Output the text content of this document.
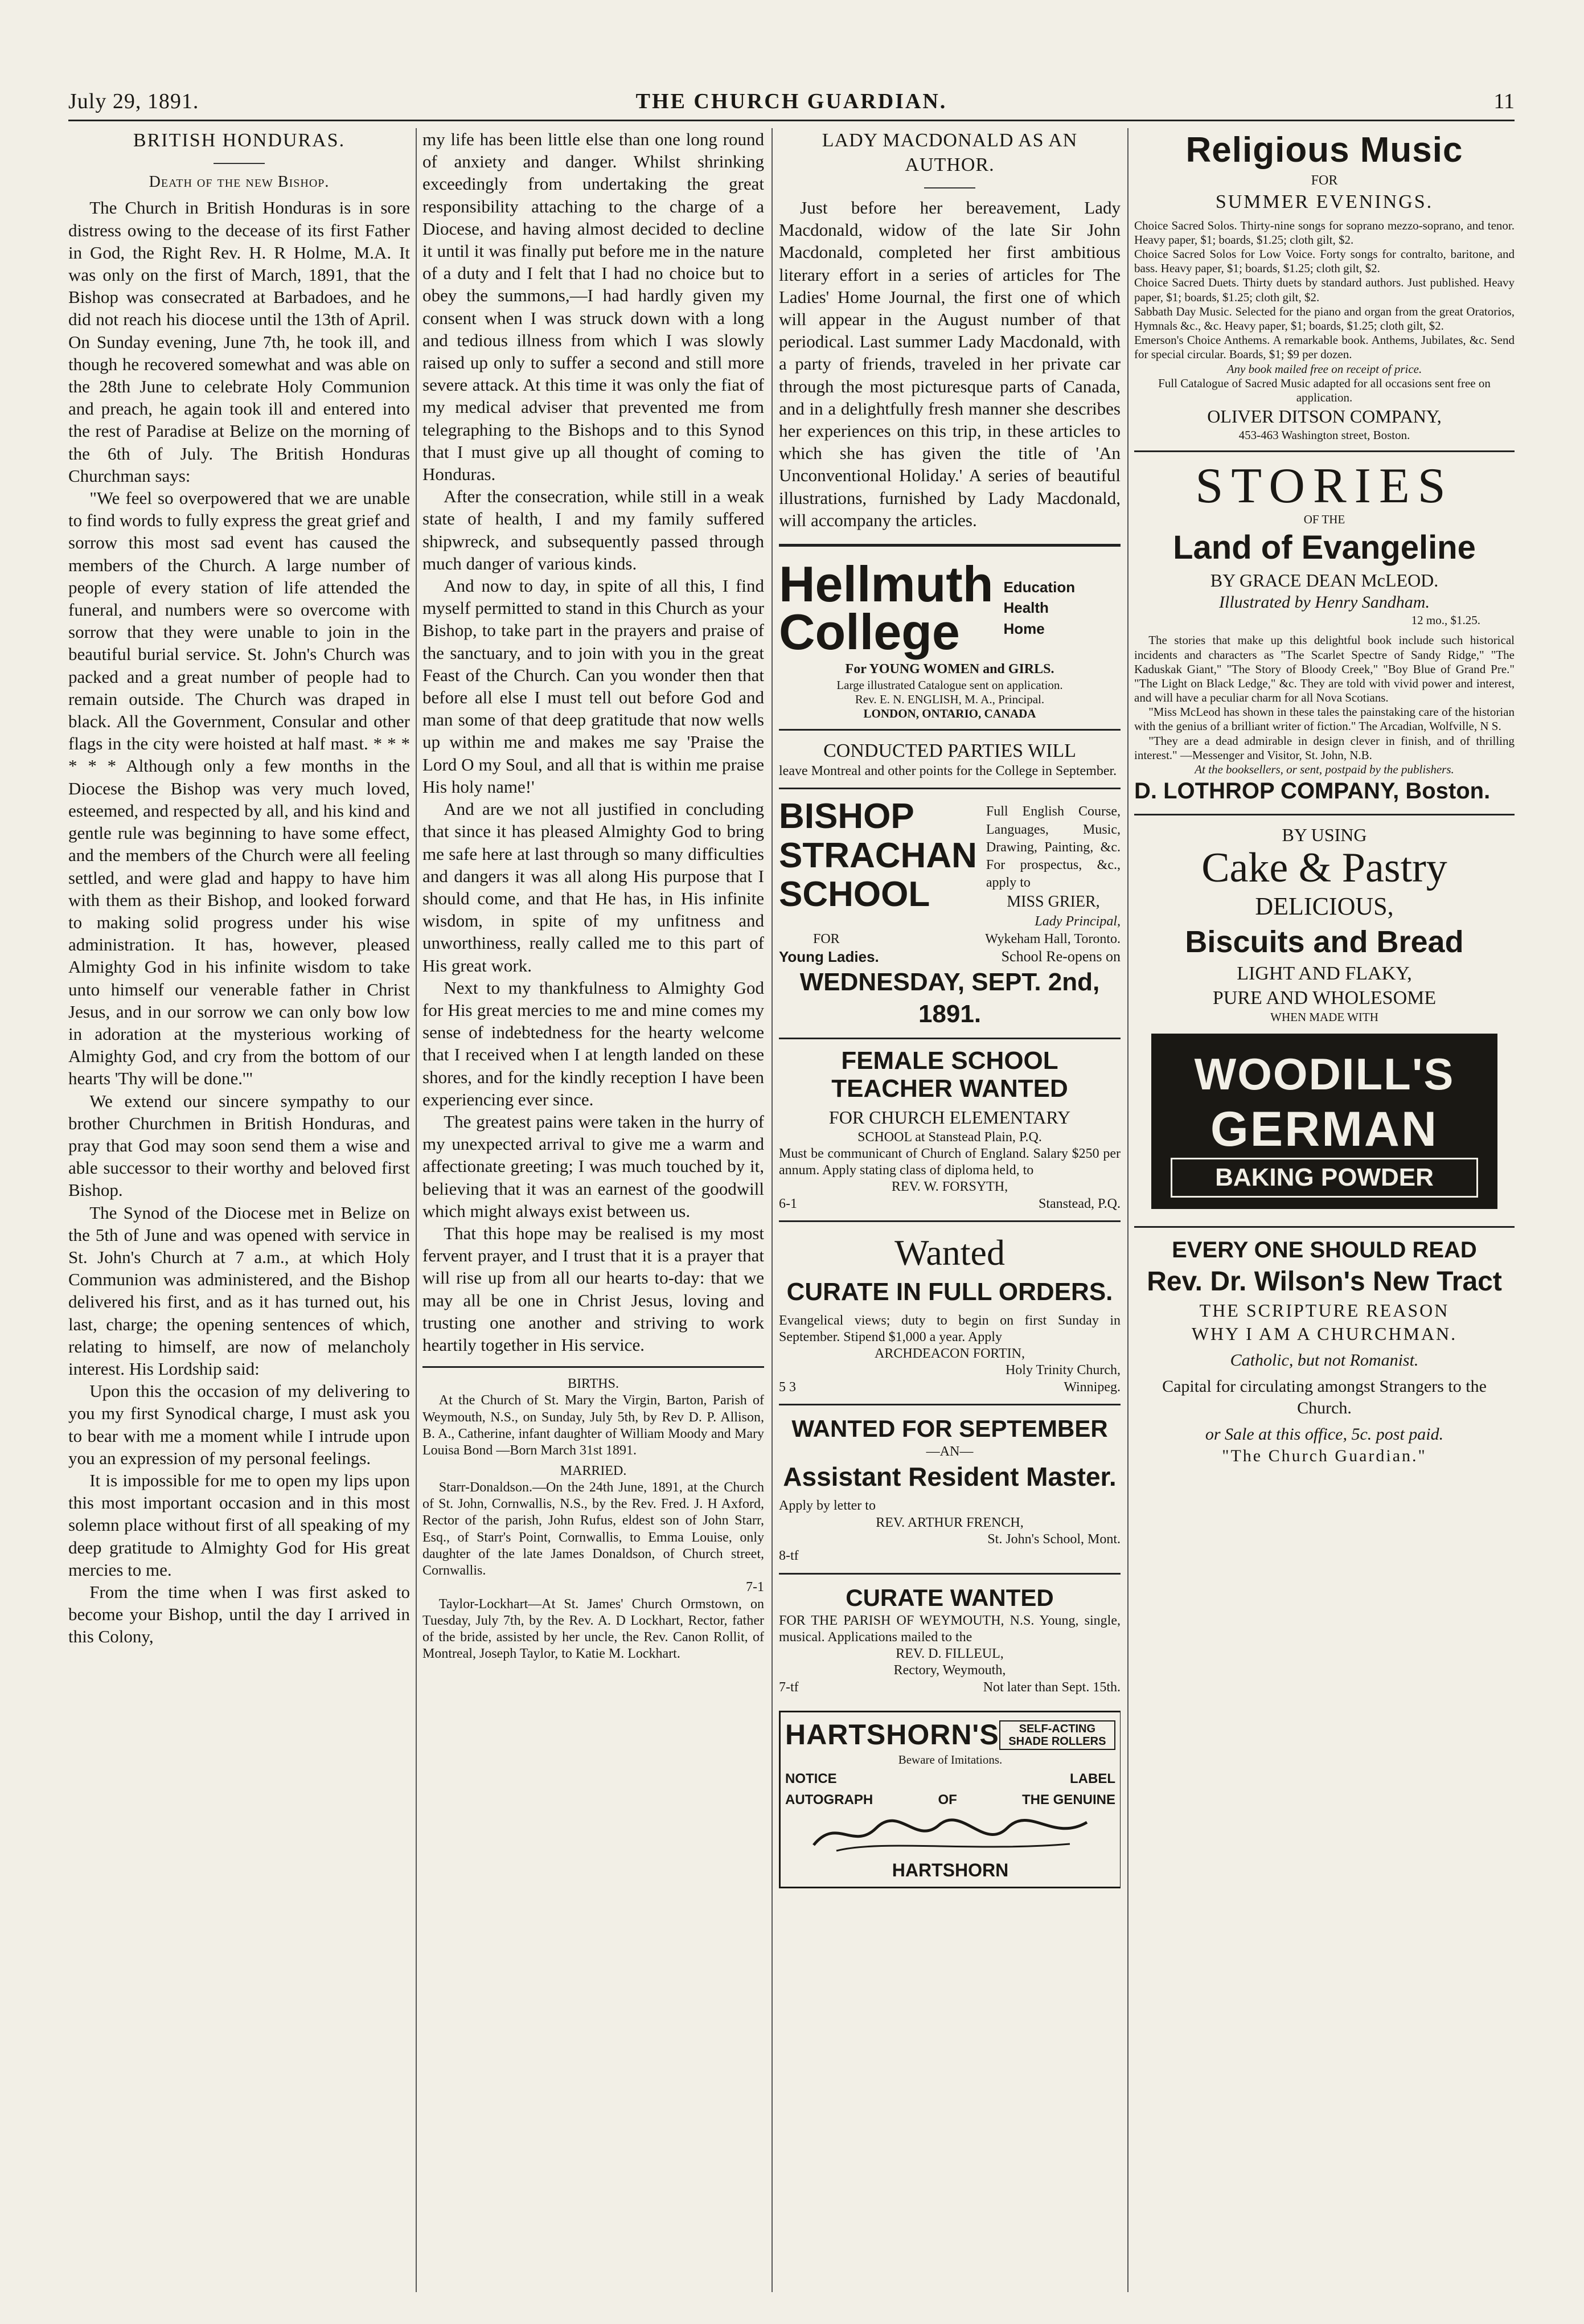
July 29, 1891.	THE CHURCH GUARDIAN.	11
BRITISH HONDURAS.
Death of the new Bishop.

The Church in British Honduras is in sore distress owing to the decease of its first Father in God, the Right Rev. H. R Holme, M.A. It was only on the first of March, 1891, that the Bishop was consecrated at Barbadoes, and he did not reach his diocese until the 13th of April. On Sunday evening, June 7th, he took ill, and though he recovered somewhat and was able on the 28th June to celebrate Holy Communion and preach, he again took ill and entered into the rest of Paradise at Belize on the morning of the 6th of July. The British Honduras Churchman says:

"We feel so overpowered that we are unable to find words to fully express the great grief and sorrow this most sad event has caused the members of the Church. A large number of people of every station of life attended the funeral, and numbers were so overcome with sorrow that they were unable to join in the beautiful burial service. St. John's Church was packed and a great number of people had to remain outside. The Church was draped in black. All the Government, Consular and other flags in the city were hoisted at half mast. * * * * * * Although only a few months in the Diocese the Bishop was very much loved, esteemed, and respected by all, and his kind and gentle rule was beginning to have some effect, and the members of the Church were all feeling settled, and were glad and happy to have him with them as their Bishop, and looked forward to making solid progress under his wise administration. It has, however, pleased Almighty God in his infinite wisdom to take unto himself our venerable father in Christ Jesus, and in our sorrow we can only bow low in adoration at the mysterious working of Almighty God, and cry from the bottom of our hearts 'Thy will be done.'"

We extend our sincere sympathy to our brother Churchmen in British Honduras, and pray that God may soon send them a wise and able successor to their worthy and beloved first Bishop.

The Synod of the Diocese met in Belize on the 5th of June and was opened with service in St. John's Church at 7 a.m., at which Holy Communion was administered, and the Bishop delivered his first, and as it has turned out, his last, charge; the opening sentences of which, relating to himself, are now of melancholy interest. His Lordship said:

Upon this the occasion of my delivering to you my first Synodical charge, I must ask you to bear with me a moment while I intrude upon you an expression of my personal feelings.

It is impossible for me to open my lips upon this most important occasion and in this most solemn place without first of all speaking of my deep gratitude to Almighty God for His great mercies to me.

From the time when I was first asked to become your Bishop, until the day I arrived in this Colony,

my life has been little else than one long round of anxiety and danger. Whilst shrinking exceedingly from undertaking the great responsibility attaching to the charge of a Diocese, and having almost decided to decline it until it was finally put before me in the nature of a duty and I felt that I had no choice but to obey the summons,—I had hardly given my consent when I was struck down with a long and tedious illness from which I was slowly raised up only to suffer a second and still more severe attack. At this time it was only the fiat of my medical adviser that prevented me from telegraphing to the Bishops and to this Synod that I must give up all thought of coming to Honduras.

After the consecration, while still in a weak state of health, I and my family suffered shipwreck, and subsequently passed through much danger of various kinds.

And now to day, in spite of all this, I find myself permitted to stand in this Church as your Bishop, to take part in the prayers and praise of the sanctuary, and to join with you in the great Feast of the Church. Can you wonder then that before all else I must tell out before God and man some of that deep gratitude that now wells up within me and makes me say 'Praise the Lord O my Soul, and all that is within me praise His holy name!'

And are we not all justified in concluding that since it has pleased Almighty God to bring me safe here at last through so many difficulties and dangers it was all along His purpose that I should come, and that He has, in His infinite wisdom, in spite of my unfitness and unworthiness, really called me to this part of His great work.

Next to my thankfulness to Almighty God for His great mercies to me and mine comes my sense of indebtedness for the hearty welcome that I received when I at length landed on these shores, and for the kindly reception I have been experiencing ever since.

The greatest pains were taken in the hurry of my unexpected arrival to give me a warm and affectionate greeting; I was much touched by it, believing that it was an earnest of the goodwill which might always exist between us.

That this hope may be realised is my most fervent prayer, and I trust that it is a prayer that will rise up from all our hearts to-day: that we may all be one in Christ Jesus, loving and trusting one another and striving to work heartily together in His service.

BIRTHS.

At the Church of St. Mary the Virgin, Barton, Parish of Weymouth, N.S., on Sunday, July 5th, by Rev D. P. Allison, B. A., Catherine, infant daughter of William Moody and Mary Louisa Bond —Born March 31st 1891.

MARRIED.

Starr-Donaldson.—On the 24th June, 1891, at the Church of St. John, Cornwallis, N.S., by the Rev. Fred. J. H Axford, Rector of the parish, John Rufus, eldest son of John Starr, Esq., of Starr's Point, Cornwallis, to Emma Louise, only daughter of the late James Donaldson, of Church street, Cornwallis.

7-1

Taylor-Lockhart—At St. James' Church Ormstown, on Tuesday, July 7th, by the Rev. A. D Lockhart, Rector, father of the bride, assisted by her uncle, the Rev. Canon Rollit, of Montreal, Joseph Taylor, to Katie M. Lockhart.

LADY MACDONALD AS AN AUTHOR.

Just before her bereavement, Lady Macdonald, widow of the late Sir John Macdonald, completed her first ambitious literary effort in a series of articles for The Ladies' Home Journal, the first one of which will appear in the August number of that periodical. Last summer Lady Macdonald, with a party of friends, traveled in her private car through the most picturesque parts of Canada, and in a delightfully fresh manner she describes her experiences on this trip, in these articles to which she has given the title of 'An Unconventional Holiday.' A series of beautiful illustrations, furnished by Lady Macdonald, will accompany the articles.

Hellmuth
College
Education
Health
Home
For YOUNG WOMEN and GIRLS.
Large illustrated Catalogue sent on application.
Rev. E. N. ENGLISH, M. A., Principal.
LONDON, ONTARIO, CANADA
CONDUCTED PARTIES WILL
leave Montreal and other points for the College in September.
BISHOP
STRACHAN
SCHOOL
Full English Course, Languages, Music, Drawing, Painting, &c. For prospectus, &c., apply to
MISS GRIER,
Lady Principal,
FOR	Wykeham Hall, Toronto.
Young Ladies.	School Re-opens on
WEDNESDAY, SEPT. 2nd, 1891.
FEMALE SCHOOL TEACHER WANTED
FOR CHURCH ELEMENTARY
SCHOOL at Stanstead Plain, P.Q.
Must be communicant of Church of England. Salary $250 per annum. Apply stating class of diploma held, to
REV. W. FORSYTH,
6-1	Stanstead, P.Q.
Wanted
CURATE IN FULL ORDERS.
Evangelical views; duty to begin on first Sunday in September. Stipend $1,000 a year. Apply
ARCHDEACON FORTIN,
Holy Trinity Church,
5 3	Winnipeg.
WANTED FOR SEPTEMBER
—AN—
Assistant Resident Master.
Apply by letter to
REV. ARTHUR FRENCH,
St. John's School, Mont.
8-tf
CURATE WANTED
FOR THE PARISH OF WEYMOUTH, N.S. Young, single, musical. Applications mailed to the
REV. D. FILLEUL,
Rectory, Weymouth,
7-tf	Not later than Sept. 15th.
HARTSHORN'S	SELF-ACTING SHADE ROLLERS
Beware of Imitations.
NOTICE	LABEL
AUTOGRAPH	OF	THE GENUINE
HARTSHORN
Religious Music
FOR
SUMMER EVENINGS.

Choice Sacred Solos. Thirty-nine songs for soprano mezzo-soprano, and tenor. Heavy paper, $1; boards, $1.25; cloth gilt, $2.

Choice Sacred Solos for Low Voice. Forty songs for contralto, baritone, and bass. Heavy paper, $1; boards, $1.25; cloth gilt, $2.

Choice Sacred Duets. Thirty duets by standard authors. Just published. Heavy paper, $1; boards, $1.25; cloth gilt, $2.

Sabbath Day Music. Selected for the piano and organ from the great Oratorios, Hymnals &c., &c. Heavy paper, $1; boards, $1.25; cloth gilt, $2.

Emerson's Choice Anthems. A remarkable book. Anthems, Jubilates, &c. Send for special circular. Boards, $1; $9 per dozen.

Any book mailed free on receipt of price.
Full Catalogue of Sacred Music adapted for all occasions sent free on application.
OLIVER DITSON COMPANY,
453-463 Washington street, Boston.
STORIES
OF THE
Land of Evangeline
BY GRACE DEAN McLEOD.
Illustrated by Henry Sandham.
12 mo., $1.25.

The stories that make up this delightful book include such historical incidents and characters as "The Scarlet Spectre of Sandy Ridge," "The Kaduskak Giant," "The Story of Bloody Creek," "Boy Blue of Grand Pre." "The Light on Black Ledge," &c. They are told with vivid power and interest, and will have a peculiar charm for all Nova Scotians.

"Miss McLeod has shown in these tales the painstaking care of the historian with the genius of a brilliant writer of fiction." The Arcadian, Wolfville, N S.

"They are a dead admirable in design clever in finish, and of thrilling interest." —Messenger and Visitor, St. John, N.B.

At the booksellers, or sent, postpaid by the publishers.
D. LOTHROP COMPANY, Boston.
BY USING
Cake & Pastry
DELICIOUS,
Biscuits and Bread
LIGHT AND FLAKY,
PURE AND WHOLESOME
WHEN MADE WITH
WOODILL'S
GERMAN
BAKING POWDER
EVERY ONE SHOULD READ
Rev. Dr. Wilson's New Tract
THE SCRIPTURE REASON
WHY I AM A CHURCHMAN.
Catholic, but not Romanist.
Capital for circulating amongst Strangers to the Church.
or Sale at this office, 5c. post paid.
"The Church Guardian."
